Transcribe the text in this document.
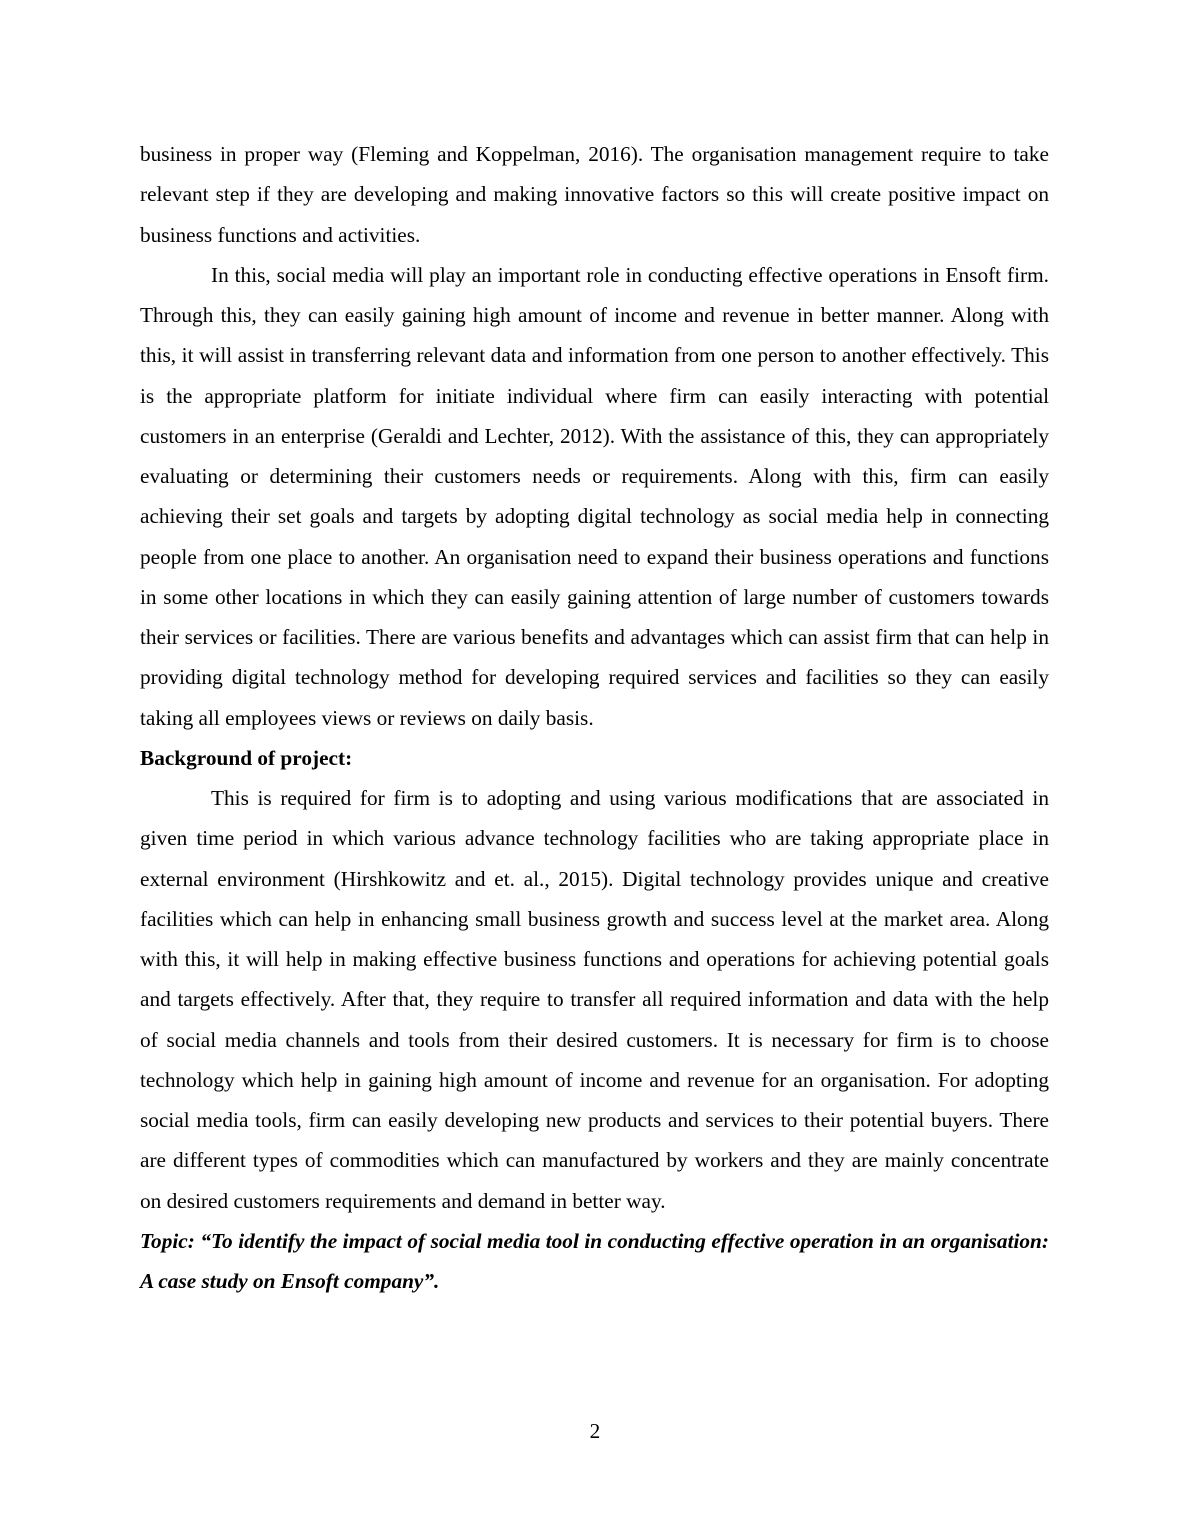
business in proper way (Fleming and Koppelman, 2016). The organisation management require to take relevant step if they are developing and making innovative factors so this will create positive impact on business functions and activities.

In this, social media will play an important role in conducting effective operations in Ensoft firm. Through this, they can easily gaining high amount of income and revenue in better manner. Along with this, it will assist in transferring relevant data and information from one person to another effectively. This is the appropriate platform for initiate individual where firm can easily interacting with potential customers in an enterprise (Geraldi and Lechter, 2012). With the assistance of this, they can appropriately evaluating or determining their customers needs or requirements. Along with this, firm can easily achieving their set goals and targets by adopting digital technology as social media help in connecting people from one place to another. An organisation need to expand their business operations and functions in some other locations in which they can easily gaining attention of large number of customers towards their services or facilities. There are various benefits and advantages which can assist firm that can help in providing digital technology method for developing required services and facilities so they can easily taking all employees views or reviews on daily basis.

Background of project:

This is required for firm is to adopting and using various modifications that are associated in given time period in which various advance technology facilities who are taking appropriate place in external environment (Hirshkowitz and et. al., 2015). Digital technology provides unique and creative facilities which can help in enhancing small business growth and success level at the market area. Along with this, it will help in making effective business functions and operations for achieving potential goals and targets effectively. After that, they require to transfer all required information and data with the help of social media channels and tools from their desired customers. It is necessary for firm is to choose technology which help in gaining high amount of income and revenue for an organisation. For adopting social media tools, firm can easily developing new products and services to their potential buyers. There are different types of commodities which can manufactured by workers and they are mainly concentrate on desired customers requirements and demand in better way.

Topic: “To identify the impact of social media tool in conducting effective operation in an organisation: A case study on Ensoft company”.

2
